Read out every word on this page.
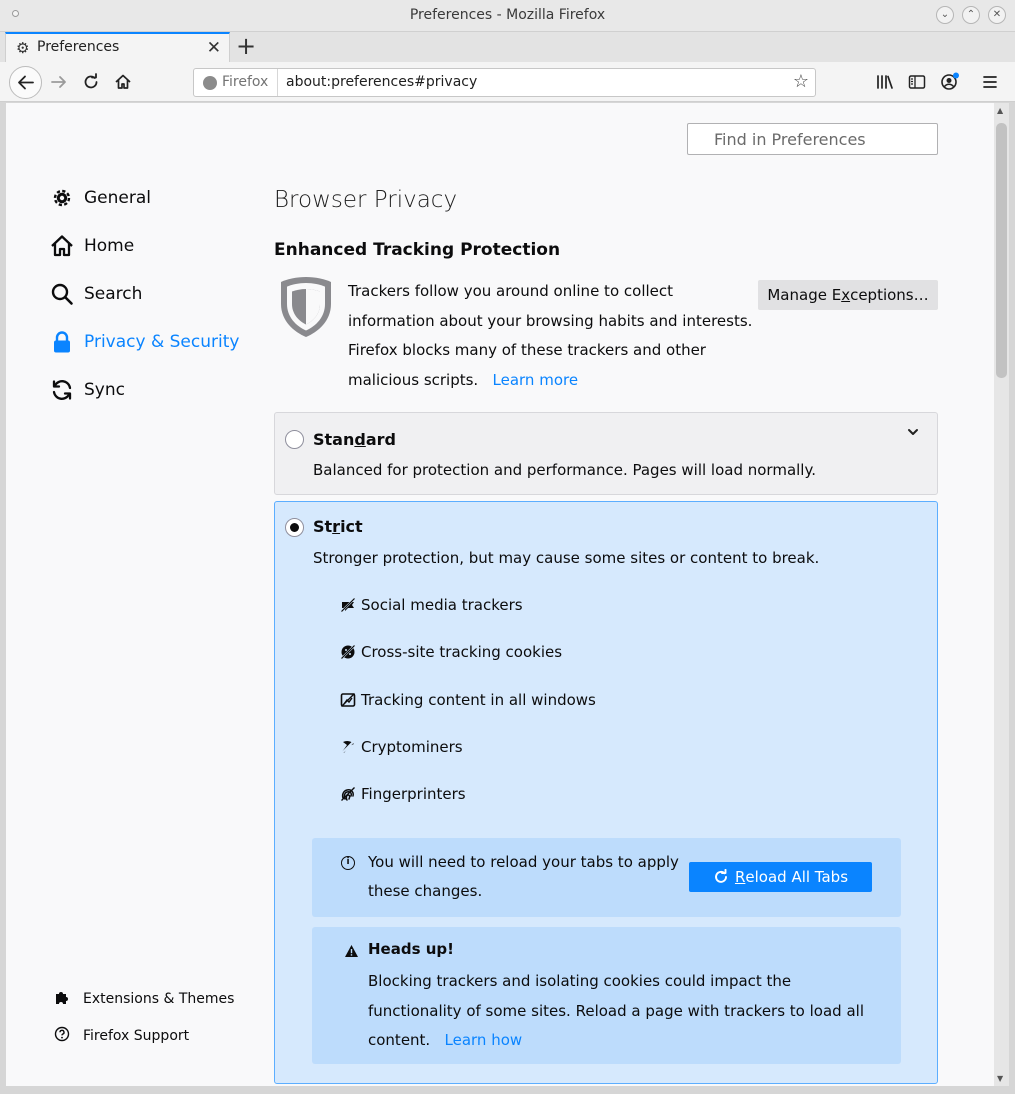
Preferences - Mozilla Firefox	⌄	⌃	✕
⚙ Preferences	✕ +
Firefox about:preferences#privacy	☆
Find in Preferences
General
Home
Search
Privacy & Security
Sync
Extensions & Themes
Firefox Support
Browser Privacy
Enhanced Tracking Protection
Trackers follow you around online to collect information about your browsing habits and interests. Firefox blocks many of these trackers and other malicious scripts. Learn more
Manage E x ceptions…
Standard
Balanced for protection and performance. Pages will load normally.
Strict
Stronger protection, but may cause some sites or content to break.
Social media trackers
Cross-site tracking cookies
Tracking content in all windows
Cryptominers
Fingerprinters
i	You will need to reload your tabs to apply these changes.
R eload All Tabs
Heads up!
Blocking trackers and isolating cookies could impact the functionality of some sites. Reload a page with trackers to load all content. Learn how
▲
▼
